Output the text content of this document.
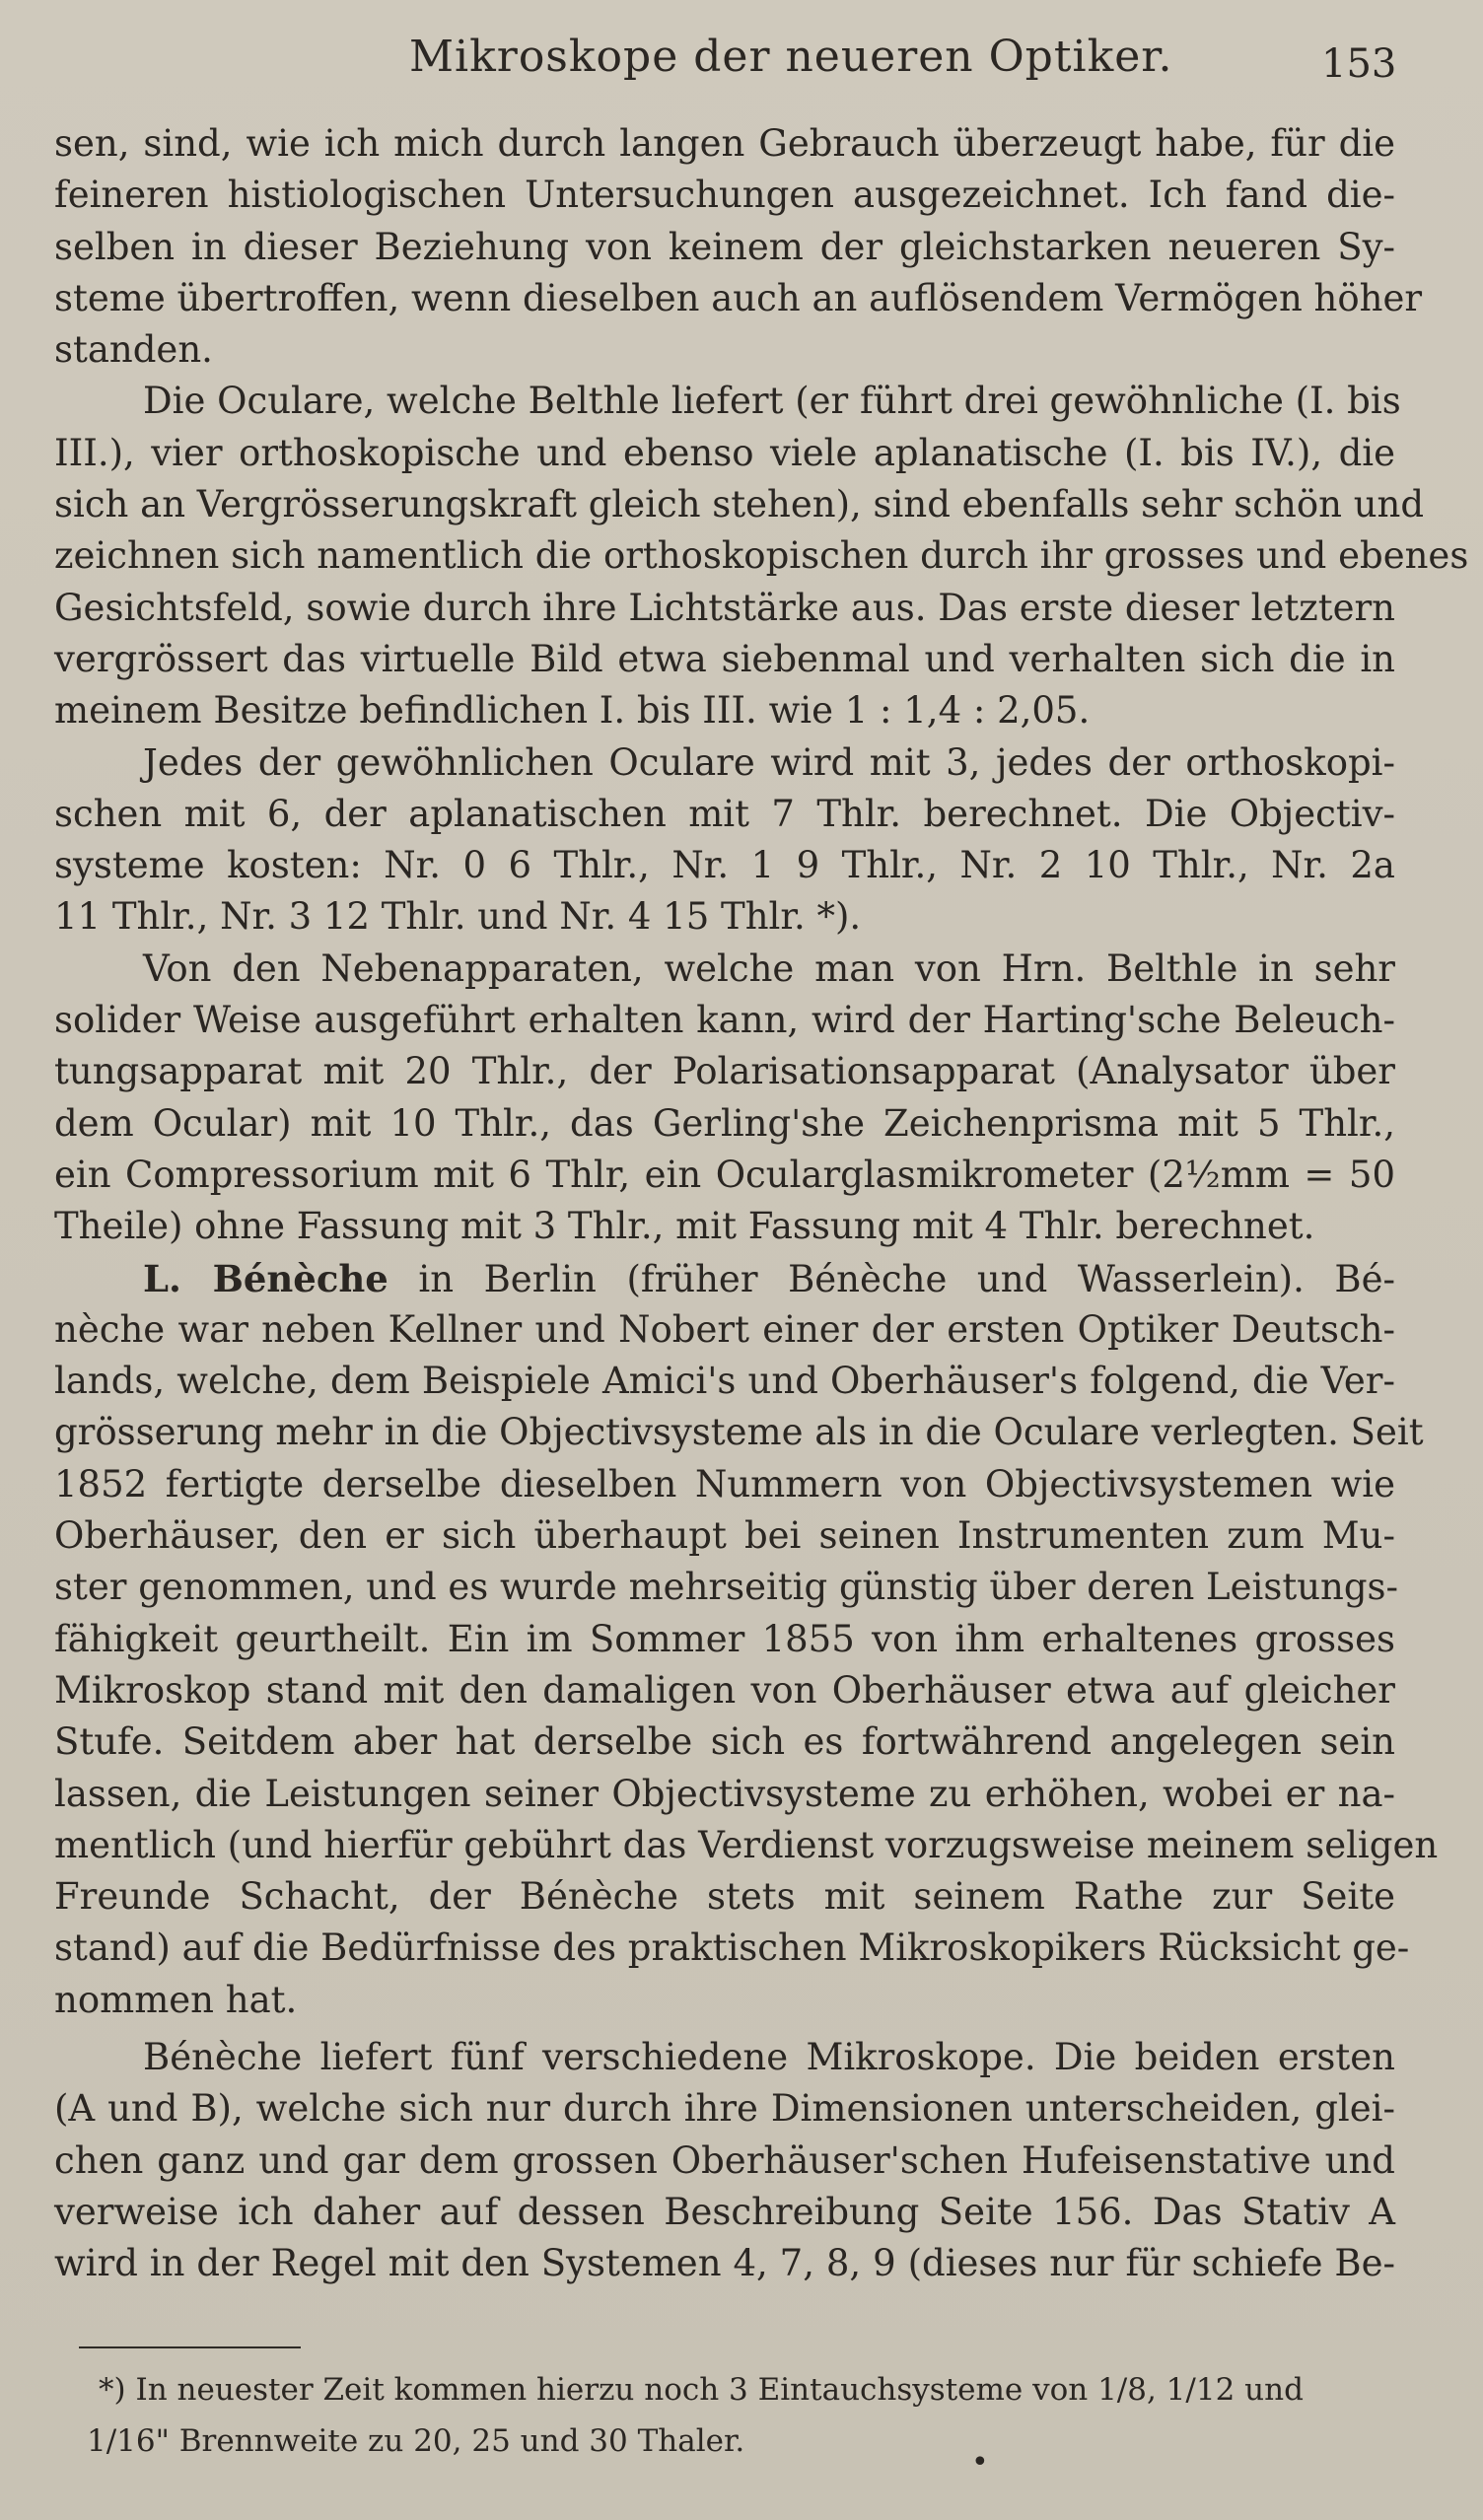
Mikroskope der neueren Optiker.	153
sen, sind, wie ich mich durch langen Gebrauch überzeugt habe, für die
feineren histiologischen Untersuchungen ausgezeichnet. Ich fand die-
selben in dieser Beziehung von keinem der gleichstarken neueren Sy-
steme übertroffen, wenn dieselben auch an auflösendem Vermögen höher
standen.
Die Oculare, welche Belthle liefert (er führt drei gewöhnliche (I. bis
III.), vier orthoskopische und ebenso viele aplanatische (I. bis IV.), die
sich an Vergrösserungskraft gleich stehen), sind ebenfalls sehr schön und
zeichnen sich namentlich die orthoskopischen durch ihr grosses und ebenes
Gesichtsfeld, sowie durch ihre Lichtstärke aus. Das erste dieser letztern
vergrössert das virtuelle Bild etwa siebenmal und verhalten sich die in
meinem Besitze befindlichen I. bis III. wie 1 : 1,4 : 2,05.
Jedes der gewöhnlichen Oculare wird mit 3, jedes der orthoskopi-
schen mit 6, der aplanatischen mit 7 Thlr. berechnet. Die Objectiv-
systeme kosten: Nr. 0 6 Thlr., Nr. 1 9 Thlr., Nr. 2 10 Thlr., Nr. 2a
11 Thlr., Nr. 3 12 Thlr. und Nr. 4 15 Thlr. *).
Von den Nebenapparaten, welche man von Hrn. Belthle in sehr
solider Weise ausgeführt erhalten kann, wird der Harting'sche Beleuch-
tungsapparat mit 20 Thlr., der Polarisationsapparat (Analysator über
dem Ocular) mit 10 Thlr., das Gerling'she Zeichenprisma mit 5 Thlr.,
ein Compressorium mit 6 Thlr, ein Ocularglasmikrometer (2½mm = 50
Theile) ohne Fassung mit 3 Thlr., mit Fassung mit 4 Thlr. berechnet.
L. Bénèche in Berlin (früher Bénèche und Wasserlein). Bé-
nèche war neben Kellner und Nobert einer der ersten Optiker Deutsch-
lands, welche, dem Beispiele Amici's und Oberhäuser's folgend, die Ver-
grösserung mehr in die Objectivsysteme als in die Oculare verlegten. Seit
1852 fertigte derselbe dieselben Nummern von Objectivsystemen wie
Oberhäuser, den er sich überhaupt bei seinen Instrumenten zum Mu-
ster genommen, und es wurde mehrseitig günstig über deren Leistungs-
fähigkeit geurtheilt. Ein im Sommer 1855 von ihm erhaltenes grosses
Mikroskop stand mit den damaligen von Oberhäuser etwa auf gleicher
Stufe. Seitdem aber hat derselbe sich es fortwährend angelegen sein
lassen, die Leistungen seiner Objectivsysteme zu erhöhen, wobei er na-
mentlich (und hierfür gebührt das Verdienst vorzugsweise meinem seligen
Freunde Schacht, der Bénèche stets mit seinem Rathe zur Seite
stand) auf die Bedürfnisse des praktischen Mikroskopikers Rücksicht ge-
nommen hat.
Bénèche liefert fünf verschiedene Mikroskope. Die beiden ersten
(A und B), welche sich nur durch ihre Dimensionen unterscheiden, glei-
chen ganz und gar dem grossen Oberhäuser'schen Hufeisenstative und
verweise ich daher auf dessen Beschreibung Seite 156. Das Stativ A
wird in der Regel mit den Systemen 4, 7, 8, 9 (dieses nur für schiefe Be-
*) In neuester Zeit kommen hierzu noch 3 Eintauchsysteme von 1/8, 1/12 und
1/16" Brennweite zu 20, 25 und 30 Thaler.
•
